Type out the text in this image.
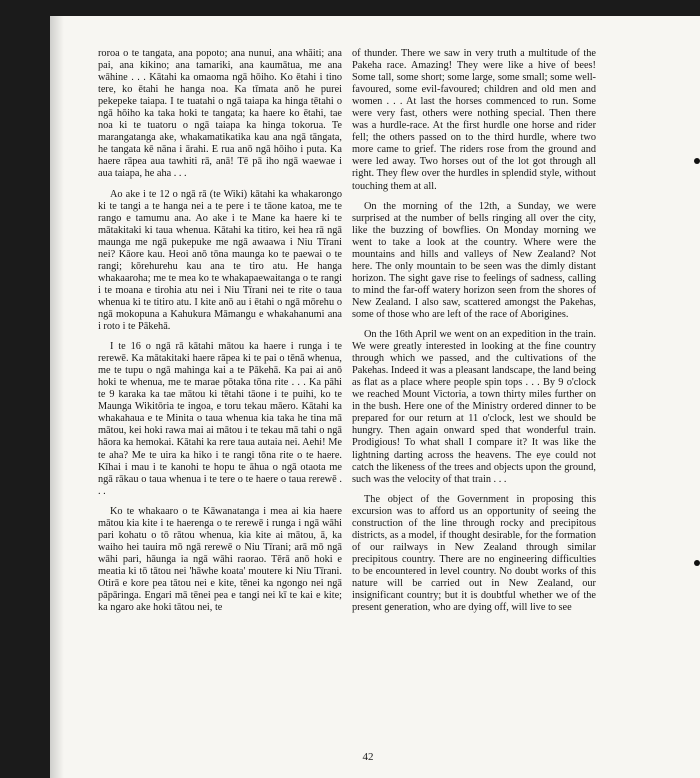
roroa o te tangata, ana popoto; ana nunui, ana whāiti; ana pai, ana kikino; ana tamariki, ana kaumātua, me ana wāhine . . . Kātahi ka omaoma ngā hōiho. Ko ētahi i tino tere, ko ētahi he hanga noa. Ka tīmata anō he purei pekepeke taiapa. I te tuatahi o ngā taiapa ka hinga tētahi o ngā hōiho ka taka hoki te tangata; ka haere ko ētahi, tae noa ki te tuatoru o ngā taiapa ka hinga tokorua. Te marangatanga ake, whakamatikatika kau ana ngā tāngata, he tangata kē nāna i ārahi. E rua anō ngā hōiho i puta. Ka haere rāpea aua tawhiti rā, anā! Tē pā iho ngā waewae i aua taiapa, he aha . . .

Ao ake i te 12 o ngā rā (te Wiki) kātahi ka whakarongo ki te tangi a te hanga nei a te pere i te tāone katoa, me te rango e tamumu ana. Ao ake i te Mane ka haere ki te mātakitaki ki taua whenua. Kātahi ka titiro, kei hea rā ngā maunga me ngā pukepuke me ngā awaawa i Niu Tīrani nei? Kāore kau. Heoi anō tōna maunga ko te paewai o te rangi; kōrehurehu kau ana te tiro atu. He hanga whakaaroha; me te mea ko te whakapaewaitanga o te rangi i te moana e tirohia atu nei i Niu Tīrani nei te rite o taua whenua ki te titiro atu. I kite anō au i ētahi o ngā mōrehu o ngā mokopuna a Kahukura Māmangu e whakahanumi ana i roto i te Pākehā.

I te 16 o ngā rā kātahi mātou ka haere i runga i te rerewē. Ka mātakitaki haere rāpea ki te pai o tēnā whenua, me te tupu o ngā mahinga kai a te Pākehā. Ka pai ai anō hoki te whenua, me te marae pōtaka tōna rite . . . Ka pāhi te 9 karaka ka tae mātou ki tētahi tāone i te puihi, ko te Maunga Wikitōria te ingoa, e toru tekau māero. Kātahi ka whakahaua e te Minita o taua whenua kia taka he tina mā mātou, kei hoki rawa mai ai mātou i te tekau mā tahi o ngā hāora ka hemokai. Kātahi ka rere taua autaia nei. Aehi! Me te aha? Me te uira ka hiko i te rangi tōna rite o te haere. Kīhai i mau i te kanohi te hopu te āhua o ngā otaota me ngā rākau o taua whenua i te tere o te haere o taua rerewē . . .

Ko te whakaaro o te Kāwanatanga i mea ai kia haere mātou kia kite i te haerenga o te rerewē i runga i ngā wāhi pari kohatu o tō rātou whenua, kia kite ai mātou, ā, ka waiho hei tauira mō ngā rerewē o Niu Tīrani; arā mō ngā wāhi pari, hāunga ia ngā wāhi raorao. Tērā anō hoki e meatia ki tō tātou nei 'hāwhe koata' moutere ki Niu Tīrani. Otirā e kore pea tātou nei e kite, tēnei ka ngongo nei ngā pāpāringa. Engari mā tēnei pea e tangi nei kī te kai e kite; ka ngaro ake hoki tātou nei, te

of thunder. There we saw in very truth a multitude of the Pakeha race. Amazing! They were like a hive of bees! Some tall, some short; some large, some small; some well-favoured, some evil-favoured; children and old men and women . . . At last the horses commenced to run. Some were very fast, others were nothing special. Then there was a hurdle-race. At the first hurdle one horse and rider fell; the others passed on to the third hurdle, where two more came to grief. The riders rose from the ground and were led away. Two horses out of the lot got through all right. They flew over the hurdles in splendid style, without touching them at all.

On the morning of the 12th, a Sunday, we were surprised at the number of bells ringing all over the city, like the buzzing of bowflies. On Monday morning we went to take a look at the country. Where were the mountains and hills and valleys of New Zealand? Not here. The only mountain to be seen was the dimly distant horizon. The sight gave rise to feelings of sadness, calling to mind the far-off watery horizon seen from the shores of New Zealand. I also saw, scattered amongst the Pakehas, some of those who are left of the race of Aborigines.

On the 16th April we went on an expedition in the train. We were greatly interested in looking at the fine country through which we passed, and the cultivations of the Pakehas. Indeed it was a pleasant landscape, the land being as flat as a place where people spin tops . . . By 9 o'clock we reached Mount Victoria, a town thirty miles further on in the bush. Here one of the Ministry ordered dinner to be prepared for our return at 11 o'clock, lest we should be hungry. Then again onward sped that wonderful train. Prodigious! To what shall I compare it? It was like the lightning darting across the heavens. The eye could not catch the likeness of the trees and objects upon the ground, such was the velocity of that train . . .

The object of the Government in proposing this excursion was to afford us an opportunity of seeing the construction of the line through rocky and precipitous districts, as a model, if thought desirable, for the formation of our railways in New Zealand through similar precipitous country. There are no engineering difficulties to be encountered in level country. No doubt works of this nature will be carried out in New Zealand, our insignificant country; but it is doubtful whether we of the present generation, who are dying off, will live to see

42
